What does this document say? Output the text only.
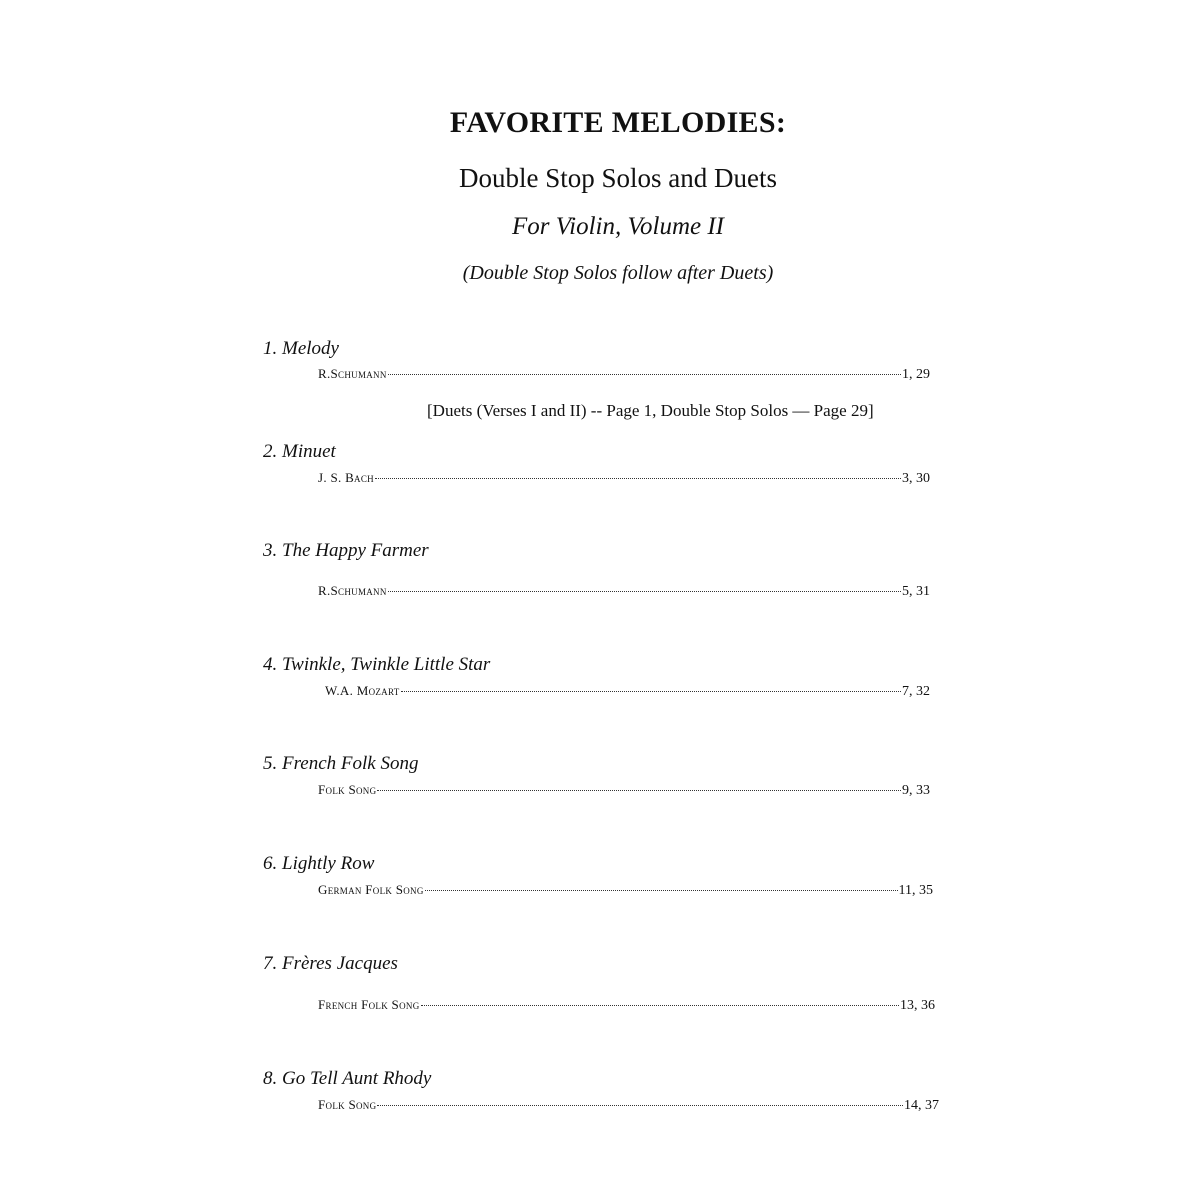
FAVORITE MELODIES:
Double Stop Solos and Duets
For Violin, Volume II
(Double Stop Solos follow after Duets)
1. Melody
R.Schumann	1, 29
[Duets (Verses I and II) -- Page 1, Double Stop Solos — Page 29]
2. Minuet
J. S. Bach	3, 30
3. The Happy Farmer
R.Schumann	5, 31
4. Twinkle, Twinkle Little Star
W.A. Mozart	7, 32
5. French Folk Song
Folk Song	9, 33
6. Lightly Row
German Folk Song	11, 35
7. Frères Jacques
French Folk Song	13, 36
8. Go Tell Aunt Rhody
Folk Song	14, 37
